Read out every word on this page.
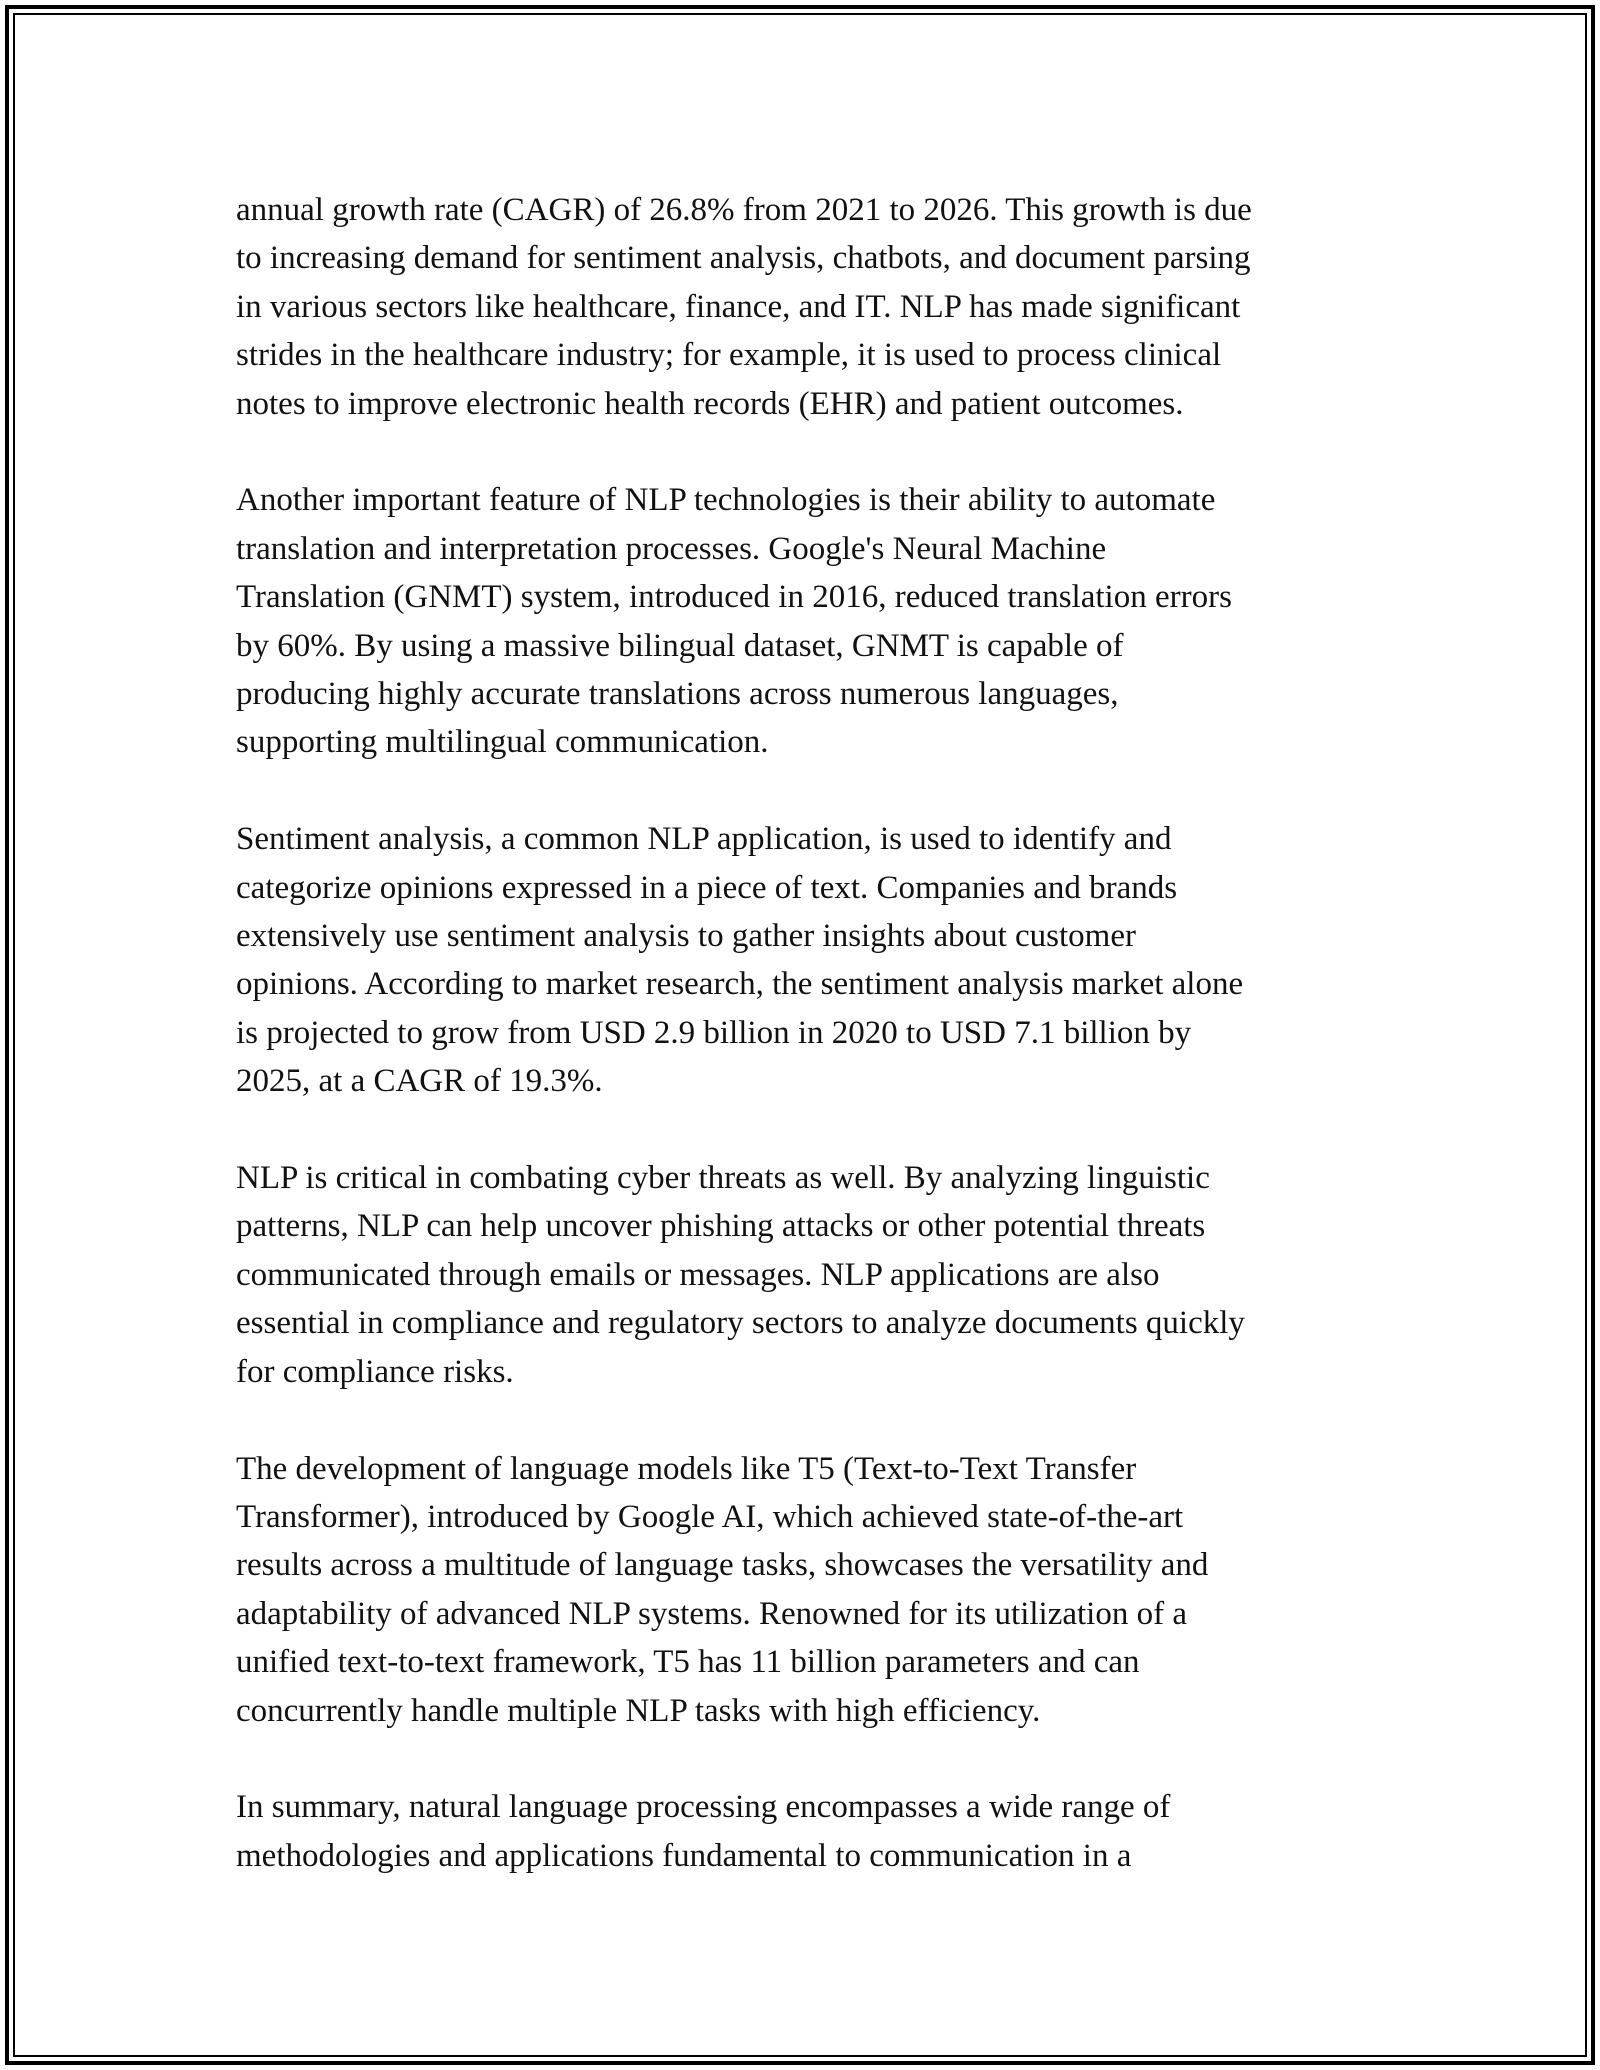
annual growth rate (CAGR) of 26.8% from 2021 to 2026. This growth is due
to increasing demand for sentiment analysis, chatbots, and document parsing
in various sectors like healthcare, finance, and IT. NLP has made significant
strides in the healthcare industry; for example, it is used to process clinical
notes to improve electronic health records (EHR) and patient outcomes.

Another important feature of NLP technologies is their ability to automate
translation and interpretation processes. Google's Neural Machine
Translation (GNMT) system, introduced in 2016, reduced translation errors
by 60%. By using a massive bilingual dataset, GNMT is capable of
producing highly accurate translations across numerous languages,
supporting multilingual communication.

Sentiment analysis, a common NLP application, is used to identify and
categorize opinions expressed in a piece of text. Companies and brands
extensively use sentiment analysis to gather insights about customer
opinions. According to market research, the sentiment analysis market alone
is projected to grow from USD 2.9 billion in 2020 to USD 7.1 billion by
2025, at a CAGR of 19.3%.

NLP is critical in combating cyber threats as well. By analyzing linguistic
patterns, NLP can help uncover phishing attacks or other potential threats
communicated through emails or messages. NLP applications are also
essential in compliance and regulatory sectors to analyze documents quickly
for compliance risks.

The development of language models like T5 (Text-to-Text Transfer
Transformer), introduced by Google AI, which achieved state-of-the-art
results across a multitude of language tasks, showcases the versatility and
adaptability of advanced NLP systems. Renowned for its utilization of a
unified text-to-text framework, T5 has 11 billion parameters and can
concurrently handle multiple NLP tasks with high efficiency.

In summary, natural language processing encompasses a wide range of
methodologies and applications fundamental to communication in a
